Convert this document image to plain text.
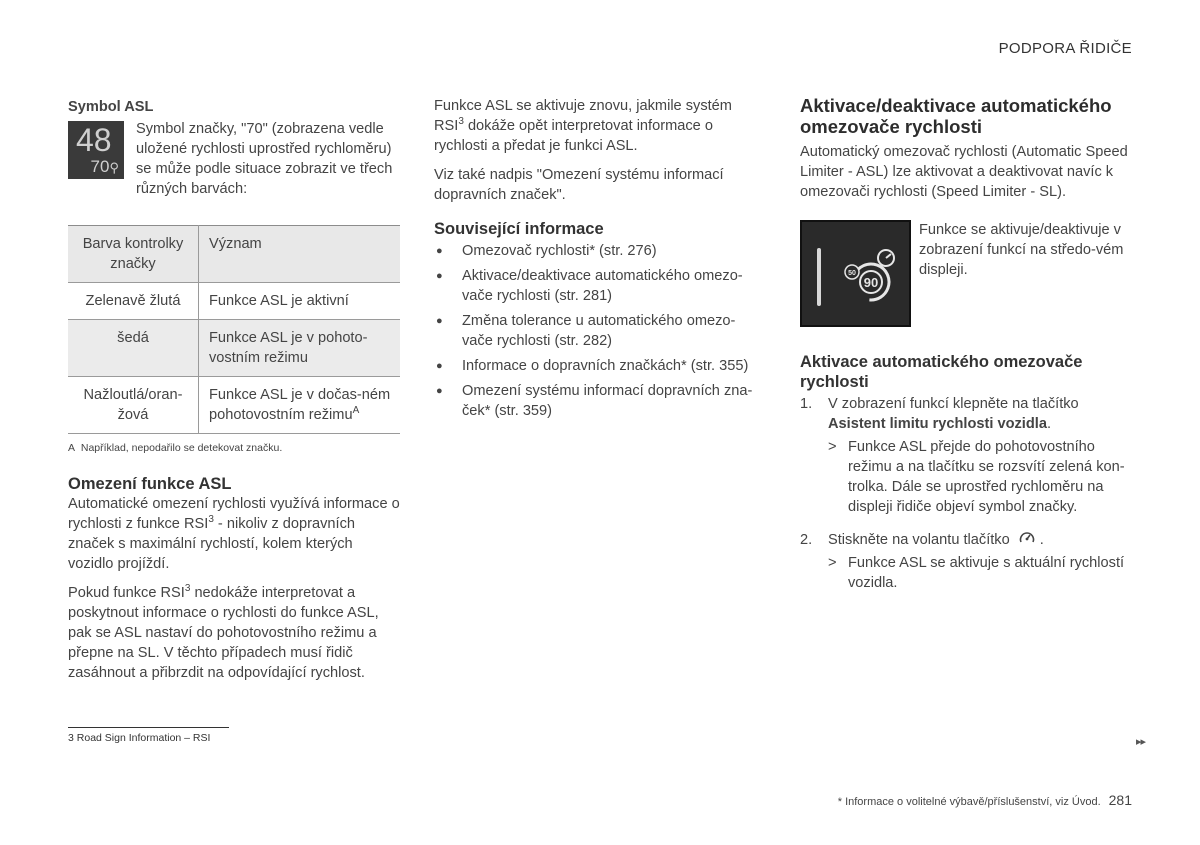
PODPORA ŘIDIČE
Symbol ASL
48
70⚲

Symbol značky, "70" (zobrazena vedle uložené rychlosti uprostřed rychloměru) se může podle situace zobrazit ve třech různých barvách:

Barva kontrolky značky	Význam
Zelenavě žlutá	Funkce ASL je aktivní
šedá	Funkce ASL je v pohoto-vostním režimu
Nažloutlá/oran-žová	Funkce ASL je v dočas-ném pohotovostním režimu$^A$
A Například, nepodařilo se detekovat značku.
Omezení funkce ASL

Automatické omezení rychlosti využívá informace o rychlosti z funkce RSI$^3$ - nikoliv z dopravních značek s maximální rychlostí, kolem kterých vozidlo projíždí.

Pokud funkce RSI$^3$ nedokáže interpretovat a poskytnout informace o rychlosti do funkce ASL, pak se ASL nastaví do pohotovostního režimu a přepne na SL. V těchto případech musí řidič zasáhnout a přibrzdit na odpovídající rychlost.

Funkce ASL se aktivuje znovu, jakmile systém RSI$^3$ dokáže opět interpretovat informace o rychlosti a předat je funkci ASL.

Viz také nadpis "Omezení systému informací dopravních značek".

Související informace
● Omezovač rychlosti* (str. 276)
● Aktivace/deaktivace automatického omezo-vače rychlosti (str. 281)
● Změna tolerance u automatického omezo-vače rychlosti (str. 282)
● Informace o dopravních značkách* (str. 355)
● Omezení systému informací dopravních zna-ček* (str. 359)
Aktivace/deaktivace automatického omezovače rychlosti

Automatický omezovač rychlosti (Automatic Speed Limiter - ASL) lze aktivovat a deaktivovat navíc k omezovači rychlosti (Speed Limiter - SL).

50
90

Funkce se aktivuje/deaktivuje v zobrazení funkcí na středo-vém displeji.

Aktivace automatického omezovače rychlosti
1. V zobrazení funkcí klepněte na tlačítko Asistent limitu rychlosti vozidla.
> Funkce ASL přejde do pohotovostního režimu a na tlačítku se rozsvítí zelená kon-trolka. Dále se uprostřed rychloměru na displeji řidiče objeví symbol značky.
2. Stiskněte na volantu tlačítko .
> Funkce ASL se aktivuje s aktuální rychlostí vozidla.
3 Road Sign Information – RSI	▸▸
* Informace o volitelné výbavě/příslušenství, viz Úvod. 281
